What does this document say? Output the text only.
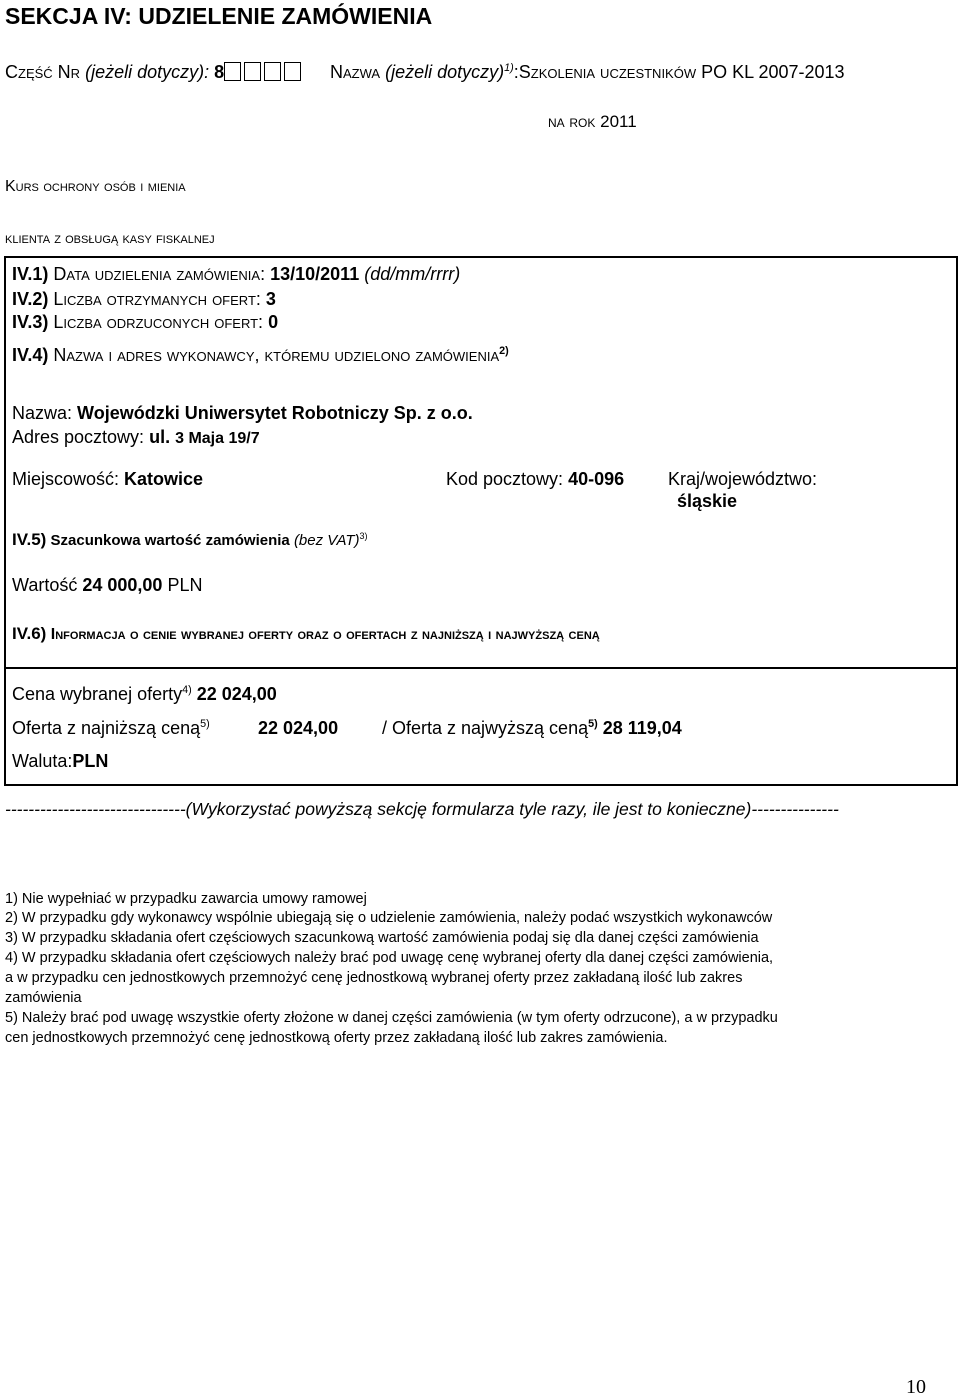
SEKCJA IV: UDZIELENIE ZAMÓWIENIA
Część Nr (jeżeli dotyczy): 8	Nazwa (jeżeli dotyczy)$^{1)}$:Szkolenia uczestników PO KL 2007-2013
na rok 2011
Kurs ochrony osób i mienia
klienta z obsługą kasy fiskalnej
IV.1) Data udzielenia zamówienia: 13/10/2011 (dd/mm/rrrr)
IV.2) Liczba otrzymanych ofert: 3
IV.3) Liczba odrzuconych ofert: 0
IV.4) Nazwa i adres wykonawcy, któremu udzielono zamówienia$^{2)}$
Nazwa: Wojewódzki Uniwersytet Robotniczy Sp. z o.o.
Adres pocztowy: ul. 3 Maja 19/7
Miejscowość: Katowice	Kod pocztowy: 40-096 Kraj/województwo:
śląskie
IV.5) Szacunkowa wartość zamówienia (bez VAT)$^{3)}$
Wartość 24 000,00 PLN
IV.6) Informacja o cenie wybranej oferty oraz o ofertach z najniższą i najwyższą ceną
Cena wybranej oferty$^{4)}$ 22 024,00
Oferta z najniższą ceną$^{5)}$	22 024,00 / Oferta z najwyższą ceną$^{5)}$ 28 119,04
Waluta:PLN
-------------------------------(Wykorzystać powyższą sekcję formularza tyle razy, ile jest to konieczne)---------------
1) Nie wypełniać w przypadku zawarcia umowy ramowej
2) W przypadku gdy wykonawcy wspólnie ubiegają się o udzielenie zamówienia, należy podać wszystkich wykonawców
3) W przypadku składania ofert częściowych szacunkową wartość zamówienia podaj się dla danej części zamówienia
4) W przypadku składania ofert częściowych należy brać pod uwagę cenę wybranej oferty dla danej części zamówienia,
a w przypadku cen jednostkowych przemnożyć cenę jednostkową wybranej oferty przez zakładaną ilość lub zakres
zamówienia
5) Należy brać pod uwagę wszystkie oferty złożone w danej części zamówienia (w tym oferty odrzucone), a w przypadku
cen jednostkowych przemnożyć cenę jednostkową oferty przez zakładaną ilość lub zakres zamówienia.
10
